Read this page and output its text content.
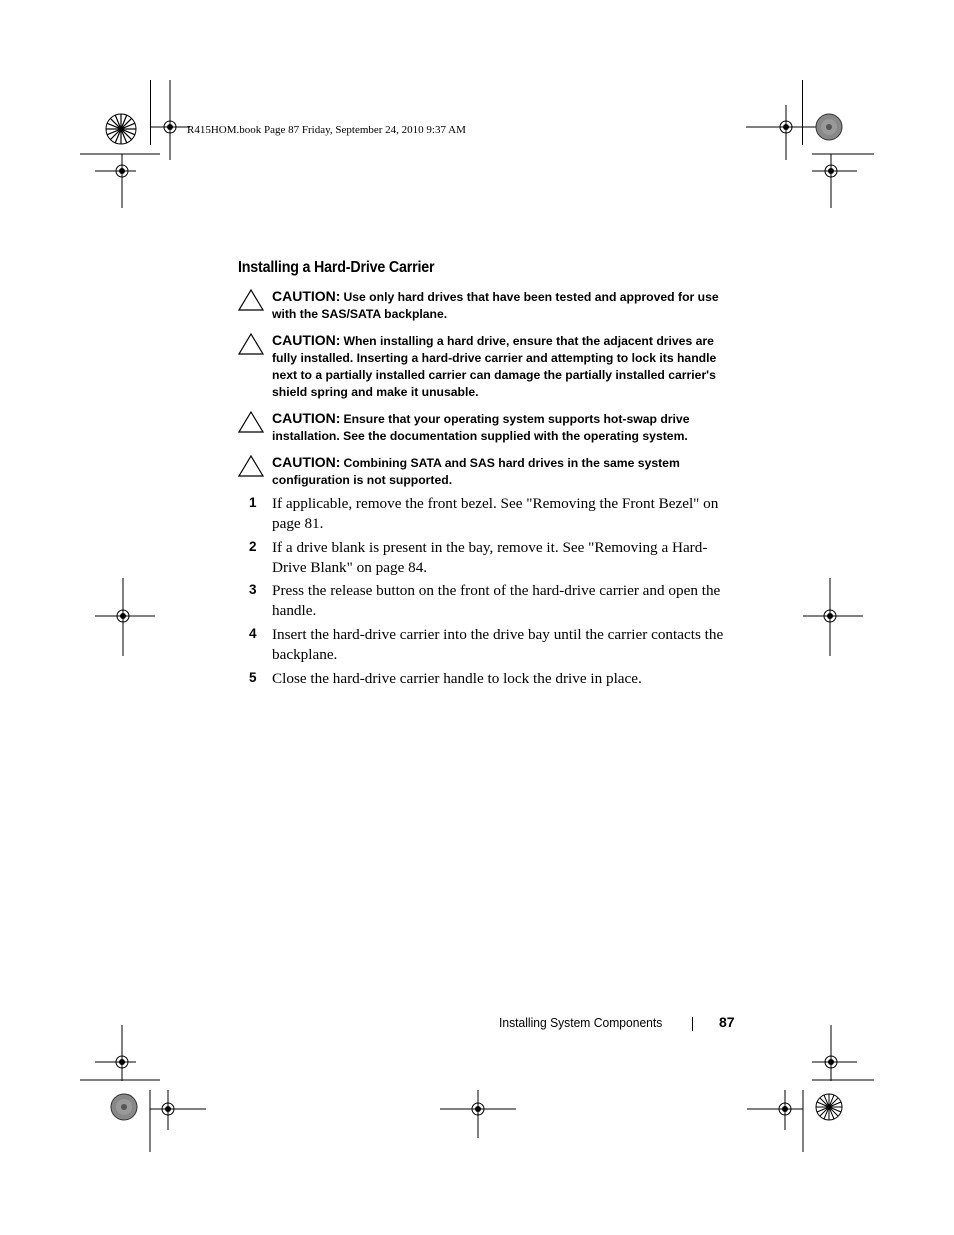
R415HOM.book Page 87 Friday, September 24, 2010 9:37 AM
Installing a Hard-Drive Carrier
CAUTION: Use only hard drives that have been tested and approved for use with the SAS/SATA backplane.
CAUTION: When installing a hard drive, ensure that the adjacent drives are fully installed. Inserting a hard-drive carrier and attempting to lock its handle next to a partially installed carrier can damage the partially installed carrier's shield spring and make it unusable.
CAUTION: Ensure that your operating system supports hot-swap drive installation. See the documentation supplied with the operating system.
CAUTION: Combining SATA and SAS hard drives in the same system configuration is not supported.
1 If applicable, remove the front bezel. See "Removing the Front Bezel" on page 81.
2 If a drive blank is present in the bay, remove it. See "Removing a Hard-Drive Blank" on page 84.
3 Press the release button on the front of the hard-drive carrier and open the handle.
4 Insert the hard-drive carrier into the drive bay until the carrier contacts the backplane.
5 Close the hard-drive carrier handle to lock the drive in place.
Installing System Components	87
